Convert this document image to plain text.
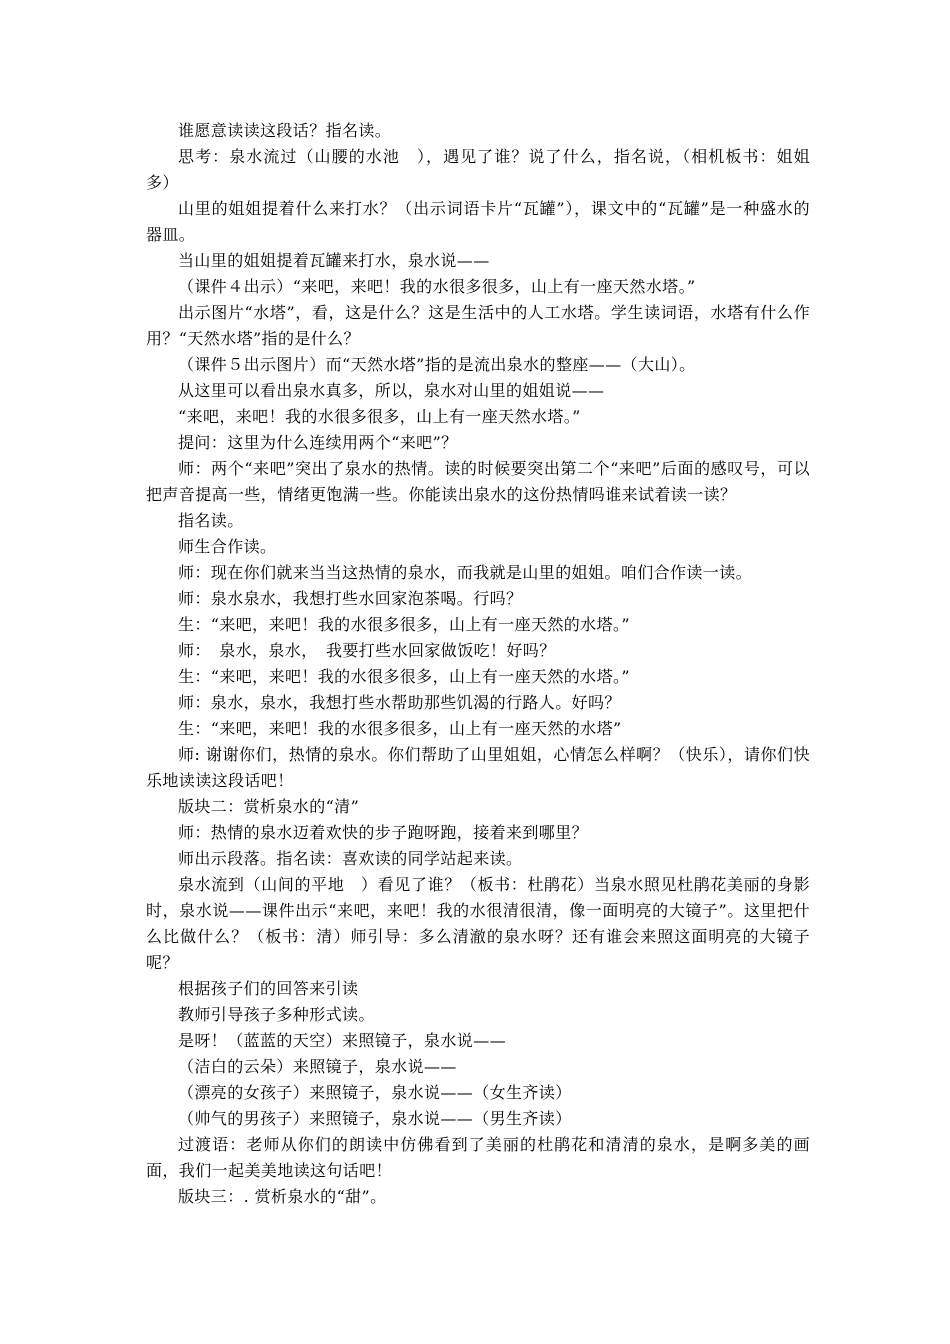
谁愿意读读这段话？指名读。

思考：泉水流过（山腰的水池　），遇见了谁？说了什么，指名说，（相机板书：姐姐 多）

山里的姐姐提着什么来打水？（出示词语卡片“瓦罐”），课文中的“瓦罐”是一种盛水的器皿。

当山里的姐姐提着瓦罐来打水，泉水说——

（课件４出示）“来吧，来吧！我的水很多很多，山上有一座天然水塔。”

出示图片“水塔”，看，这是什么？这是生活中的人工水塔。学生读词语，水塔有什么作用？“天然水塔”指的是什么？

（课件５出示图片）而“天然水塔”指的是流出泉水的整座——（大山）。

从这里可以看出泉水真多，所以，泉水对山里的姐姐说——

“来吧，来吧！我的水很多很多，山上有一座天然水塔。”

提问：这里为什么连续用两个“来吧”？

师：两个“来吧”突出了泉水的热情。读的时候要突出第二个“来吧”后面的感叹号，可以把声音提高一些，情绪更饱满一些。你能读出泉水的这份热情吗谁来试着读一读？

指名读。

师生合作读。

师：现在你们就来当当这热情的泉水，而我就是山里的姐姐。咱们合作读一读。

师：泉水泉水，我想打些水回家泡茶喝。行吗？

生：“来吧，来吧！我的水很多很多，山上有一座天然的水塔。”

师：　泉水，泉水，　我要打些水回家做饭吃！好吗？

生：“来吧，来吧！我的水很多很多，山上有一座天然的水塔。”

师：泉水，泉水，我想打些水帮助那些饥渴的行路人。好吗？

生：“来吧，来吧！我的水很多很多，山上有一座天然的水塔”

师: 谢谢你们，热情的泉水。你们帮助了山里姐姐，心情怎么样啊？（快乐），请你们快乐地读读这段话吧！

版块二：赏析泉水的“清”

师：热情的泉水迈着欢快的步子跑呀跑，接着来到哪里？

师出示段落。指名读：喜欢读的同学站起来读。

泉水流到（山间的平地　）看见了谁？（板书：杜鹃花）当泉水照见杜鹃花美丽的身影时，泉水说——课件出示“来吧，来吧！我的水很清很清，像一面明亮的大镜子”。这里把什么比做什么？（板书：清）师引导：多么清澈的泉水呀？还有谁会来照这面明亮的大镜子呢？

根据孩子们的回答来引读

教师引导孩子多种形式读。

是呀！（蓝蓝的天空）来照镜子，泉水说——

（洁白的云朵）来照镜子，泉水说——

（漂亮的女孩子）来照镜子，泉水说——（女生齐读）

（帅气的男孩子）来照镜子，泉水说——（男生齐读）

过渡语：老师从你们的朗读中仿佛看到了美丽的杜鹃花和清清的泉水，是啊多美的画面，我们一起美美地读这句话吧！

版块三：. 赏析泉水的“甜”。
